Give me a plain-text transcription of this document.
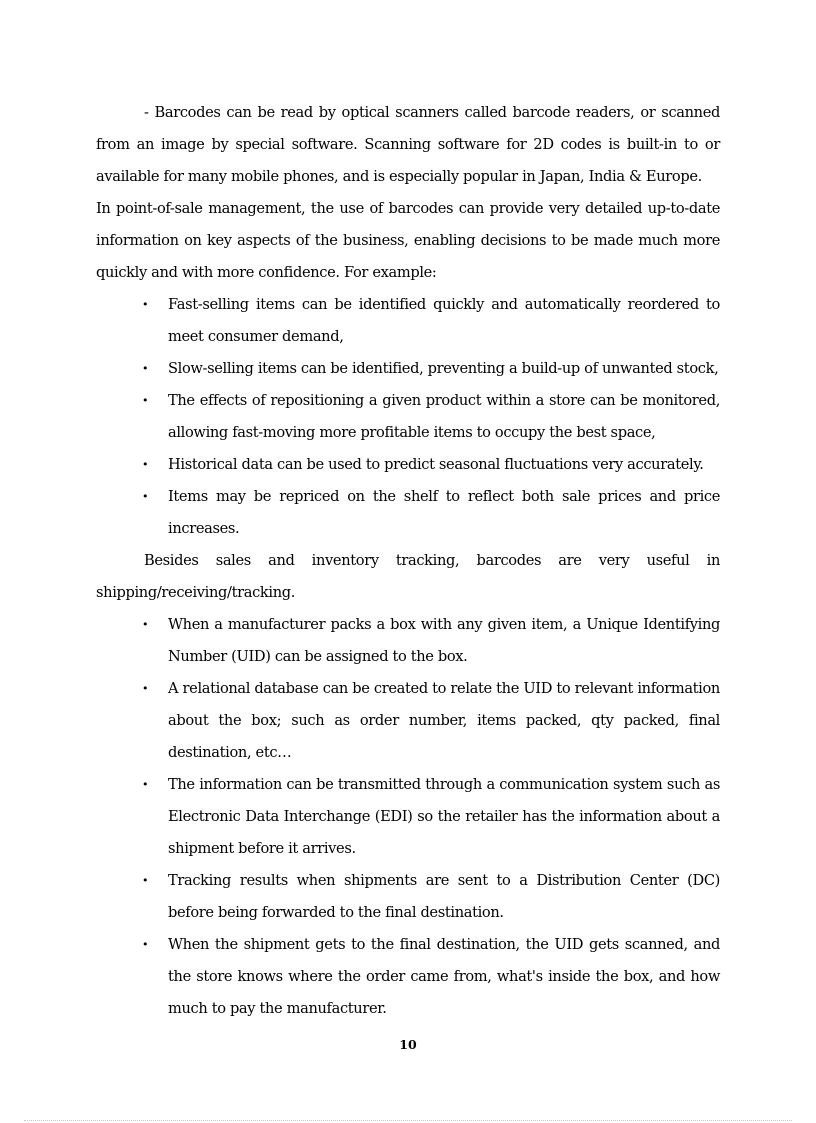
- Barcodes can be read by optical scanners called barcode readers, or scanned from an image by special software. Scanning software for 2D codes is built-in to or available for many mobile phones, and is especially popular in Japan, India & Europe.

In point-of-sale management, the use of barcodes can provide very detailed up-to-date information on key aspects of the business, enabling decisions to be made much more quickly and with more confidence. For example:

• Fast-selling items can be identified quickly and automatically reordered to meet consumer demand,
• Slow-selling items can be identified, preventing a build-up of unwanted stock,
• The effects of repositioning a given product within a store can be monitored, allowing fast-moving more profitable items to occupy the best space,
• Historical data can be used to predict seasonal fluctuations very accurately.
• Items may be repriced on the shelf to reflect both sale prices and price increases.

Besides sales and inventory tracking, barcodes are very useful in shipping/receiving/tracking.

• When a manufacturer packs a box with any given item, a Unique Identifying Number (UID) can be assigned to the box.
• A relational database can be created to relate the UID to relevant information about the box; such as order number, items packed, qty packed, final destination, etc…
• The information can be transmitted through a communication system such as Electronic Data Interchange (EDI) so the retailer has the information about a shipment before it arrives.
• Tracking results when shipments are sent to a Distribution Center (DC) before being forwarded to the final destination.
• When the shipment gets to the final destination, the UID gets scanned, and the store knows where the order came from, what's inside the box, and how much to pay the manufacturer.
10
